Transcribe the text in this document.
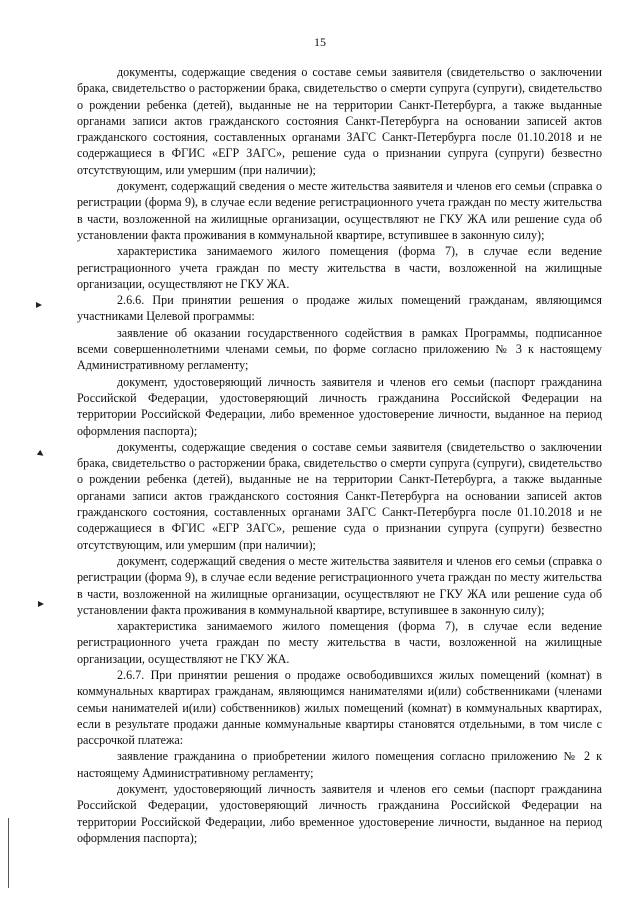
15

документы, содержащие сведения о составе семьи заявителя (свидетельство о заключении брака, свидетельство о расторжении брака, свидетельство о смерти супруга (супруги), свидетельство о рождении ребенка (детей), выданные не на территории Санкт-Петербурга, а также выданные органами записи актов гражданского состояния Санкт-Петербурга на основании записей актов гражданского состояния, составленных органами ЗАГС Санкт-Петербурга после 01.10.2018 и не содержащиеся в ФГИС «ЕГР ЗАГС», решение суда о признании супруга (супруги) безвестно отсутствующим, или умершим (при наличии);

документ, содержащий сведения о месте жительства заявителя и членов его семьи (справка о регистрации (форма 9), в случае если ведение регистрационного учета граждан по месту жительства в части, возложенной на жилищные организации, осуществляют не ГКУ ЖА или решение суда об установлении факта проживания в коммунальной квартире, вступившее в законную силу);

характеристика занимаемого жилого помещения (форма 7), в случае если ведение регистрационного учета граждан по месту жительства в части, возложенной на жилищные организации, осуществляют не ГКУ ЖА.

2.6.6. При принятии решения о продаже жилых помещений гражданам, являющимся участниками Целевой программы:

заявление об оказании государственного содействия в рамках Программы, подписанное всеми совершеннолетними членами семьи, по форме согласно приложению № 3 к настоящему Административному регламенту;

документ, удостоверяющий личность заявителя и членов его семьи (паспорт гражданина Российской Федерации, удостоверяющий личность гражданина Российской Федерации на территории Российской Федерации, либо временное удостоверение личности, выданное на период оформления паспорта);

документы, содержащие сведения о составе семьи заявителя (свидетельство о заключении брака, свидетельство о расторжении брака, свидетельство о смерти супруга (супруги), свидетельство о рождении ребенка (детей), выданные не на территории Санкт-Петербурга, а также выданные органами записи актов гражданского состояния Санкт-Петербурга на основании записей актов гражданского состояния, составленных органами ЗАГС Санкт-Петербурга после 01.10.2018 и не содержащиеся в ФГИС «ЕГР ЗАГС», решение суда о признании супруга (супруги) безвестно отсутствующим, или умершим (при наличии);

документ, содержащий сведения о месте жительства заявителя и членов его семьи (справка о регистрации (форма 9), в случае если ведение регистрационного учета граждан по месту жительства в части, возложенной на жилищные организации, осуществляют не ГКУ ЖА или решение суда об установлении факта проживания в коммунальной квартире, вступившее в законную силу);

характеристика занимаемого жилого помещения (форма 7), в случае если ведение регистрационного учета граждан по месту жительства в части, возложенной на жилищные организации, осуществляют не ГКУ ЖА.

2.6.7. При принятии решения о продаже освободившихся жилых помещений (комнат) в коммунальных квартирах гражданам, являющимся нанимателями и(или) собственниками (членами семьи нанимателей и(или) собственников) жилых помещений (комнат) в коммунальных квартирах, если в результате продажи данные коммунальные квартиры становятся отдельными, в том числе с рассрочкой платежа:

заявление гражданина о приобретении жилого помещения согласно приложению № 2 к настоящему Административному регламенту;

документ, удостоверяющий личность заявителя и членов его семьи (паспорт гражданина Российской Федерации, удостоверяющий личность гражданина Российской Федерации на территории Российской Федерации, либо временное удостоверение личности, выданное на период оформления паспорта);
